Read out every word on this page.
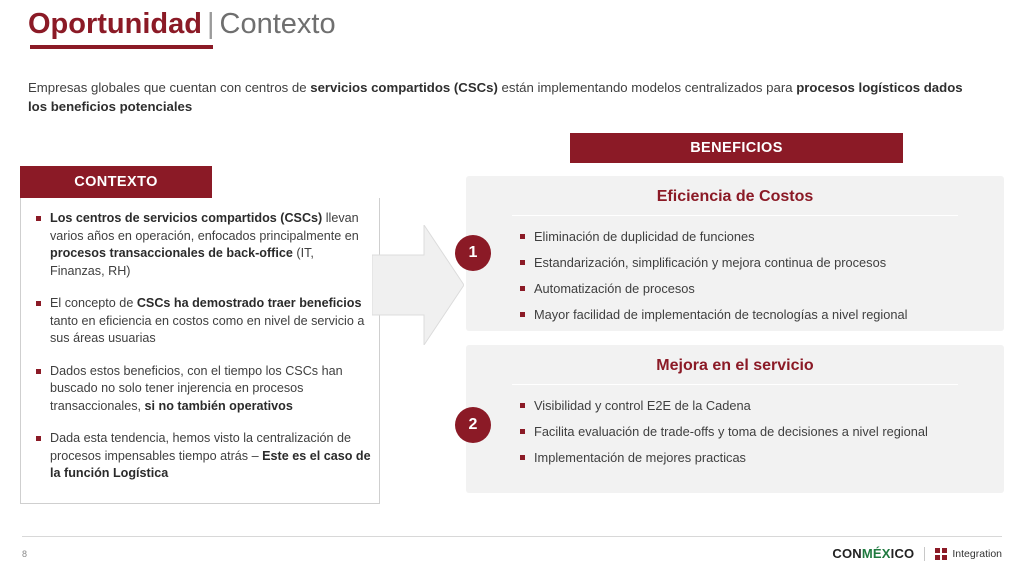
Oportunidad | Contexto
Empresas globales que cuentan con centros de servicios compartidos (CSCs) están implementando modelos centralizados para procesos logísticos dados los beneficios potenciales
CONTEXTO
Los centros de servicios compartidos (CSCs) llevan varios años en operación, enfocados principalmente en procesos transaccionales de back-office (IT, Finanzas, RH)
El concepto de CSCs ha demostrado traer beneficios tanto en eficiencia en costos como en nivel de servicio a sus áreas usuarias
Dados estos beneficios, con el tiempo los CSCs han buscado no solo tener injerencia en procesos transaccionales, si no también operativos
Dada esta tendencia, hemos visto la centralización de procesos impensables tiempo atrás – Este es el caso de la función Logística
BENEFICIOS
Eficiencia de Costos
Eliminación de duplicidad de funciones
Estandarización, simplificación y mejora continua de procesos
Automatización de procesos
Mayor facilidad de implementación de tecnologías a nivel regional
1
Mejora en el servicio
Visibilidad y control E2E de la Cadena
Facilita evaluación de trade-offs y toma de decisiones a nivel regional
Implementación de mejores practicas
2
8	CONMÉXICO	Integration
